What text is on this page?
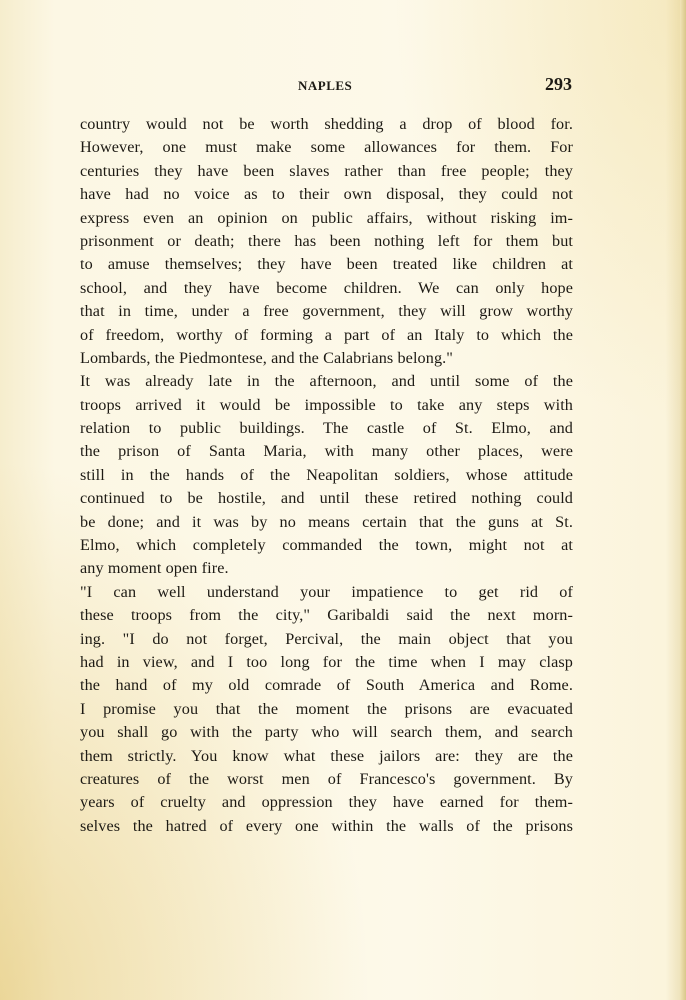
NAPLES	293
country would not be worth shedding a drop of blood for.
However, one must make some allowances for them. For
centuries they have been slaves rather than free people; they
have had no voice as to their own disposal, they could not
express even an opinion on public affairs, without risking im-
prisonment or death; there has been nothing left for them but
to amuse themselves; they have been treated like children at
school, and they have become children. We can only hope
that in time, under a free government, they will grow worthy
of freedom, worthy of forming a part of an Italy to which the
Lombards, the Piedmontese, and the Calabrians belong."
It was already late in the afternoon, and until some of the
troops arrived it would be impossible to take any steps with
relation to public buildings. The castle of St. Elmo, and
the prison of Santa Maria, with many other places, were
still in the hands of the Neapolitan soldiers, whose attitude
continued to be hostile, and until these retired nothing could
be done; and it was by no means certain that the guns at St.
Elmo, which completely commanded the town, might not at
any moment open fire.
"I can well understand your impatience to get rid of
these troops from the city," Garibaldi said the next morn-
ing. "I do not forget, Percival, the main object that you
had in view, and I too long for the time when I may clasp
the hand of my old comrade of South America and Rome.
I promise you that the moment the prisons are evacuated
you shall go with the party who will search them, and search
them strictly. You know what these jailors are: they are the
creatures of the worst men of Francesco's government. By
years of cruelty and oppression they have earned for them-
selves the hatred of every one within the walls of the prisons
